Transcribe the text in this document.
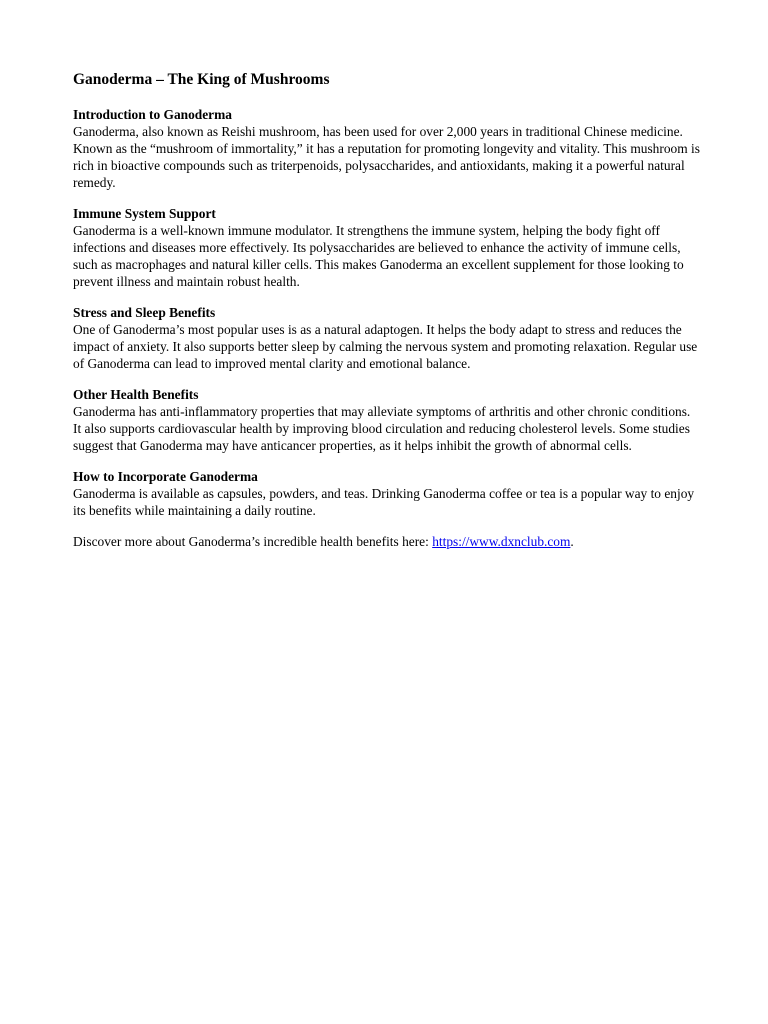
Ganoderma – The King of Mushrooms

Introduction to Ganoderma

Ganoderma, also known as Reishi mushroom, has been used for over 2,000 years in traditional Chinese medicine. Known as the “mushroom of immortality,” it has a reputation for promoting longevity and vitality. This mushroom is rich in bioactive compounds such as triterpenoids, polysaccharides, and antioxidants, making it a powerful natural remedy.

Immune System Support

Ganoderma is a well-known immune modulator. It strengthens the immune system, helping the body fight off infections and diseases more effectively. Its polysaccharides are believed to enhance the activity of immune cells, such as macrophages and natural killer cells. This makes Ganoderma an excellent supplement for those looking to prevent illness and maintain robust health.

Stress and Sleep Benefits

One of Ganoderma’s most popular uses is as a natural adaptogen. It helps the body adapt to stress and reduces the impact of anxiety. It also supports better sleep by calming the nervous system and promoting relaxation. Regular use of Ganoderma can lead to improved mental clarity and emotional balance.

Other Health Benefits

Ganoderma has anti-inflammatory properties that may alleviate symptoms of arthritis and other chronic conditions. It also supports cardiovascular health by improving blood circulation and reducing cholesterol levels. Some studies suggest that Ganoderma may have anticancer properties, as it helps inhibit the growth of abnormal cells.

How to Incorporate Ganoderma

Ganoderma is available as capsules, powders, and teas. Drinking Ganoderma coffee or tea is a popular way to enjoy its benefits while maintaining a daily routine.

Discover more about Ganoderma’s incredible health benefits here: https://www.dxnclub.com.
